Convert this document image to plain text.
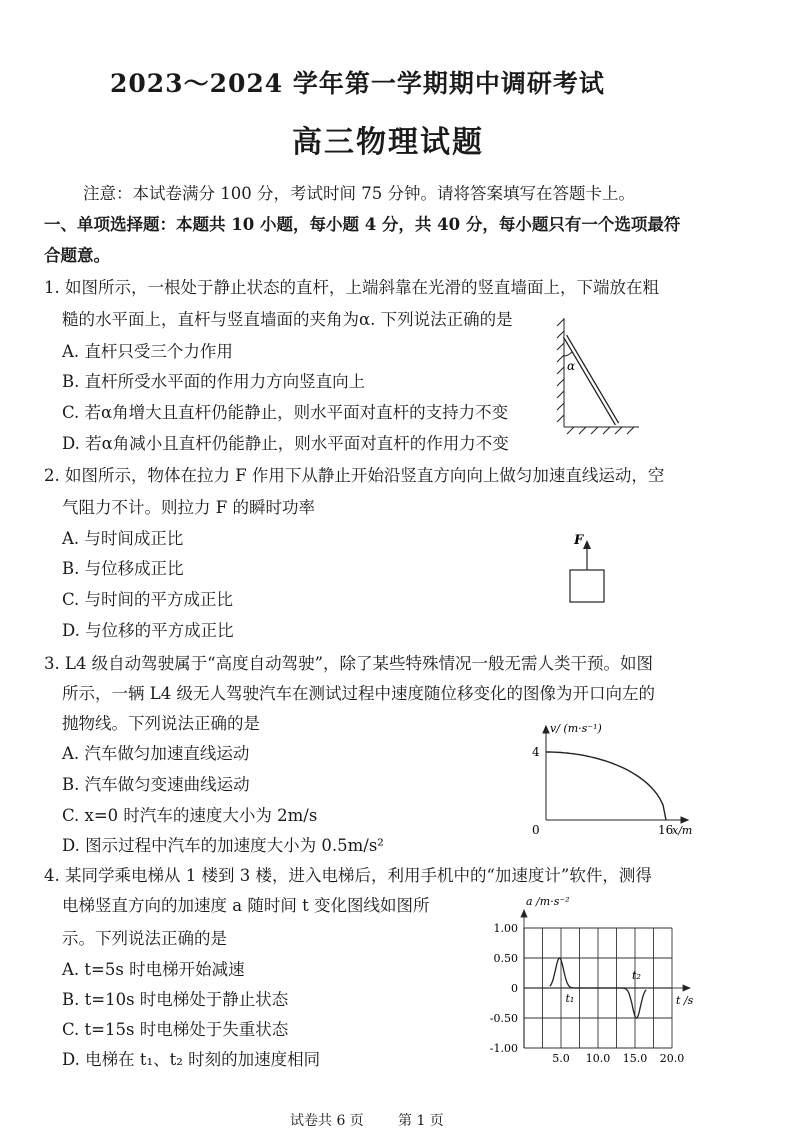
2023～2024 学年第一学期期中调研考试
高三物理试题
注意：本试卷满分 100 分，考试时间 75 分钟。请将答案填写在答题卡上。
一、单项选择题：本题共 10 小题，每小题 4 分，共 40 分，每小题只有一个选项最符
合题意。
1. 如图所示，一根处于静止状态的直杆，上端斜靠在光滑的竖直墙面上，下端放在粗
糙的水平面上，直杆与竖直墙面的夹角为α. 下列说法正确的是
A. 直杆只受三个力作用
B. 直杆所受水平面的作用力方向竖直向上
C. 若α角增大且直杆仍能静止，则水平面对直杆的支持力不变
D. 若α角减小且直杆仍能静止，则水平面对直杆的作用力不变
α
2. 如图所示，物体在拉力 F 作用下从静止开始沿竖直方向向上做匀加速直线运动，空
气阻力不计。则拉力 F 的瞬时功率
A. 与时间成正比
B. 与位移成正比
C. 与时间的平方成正比
D. 与位移的平方成正比
F
3. L4 级自动驾驶属于“高度自动驾驶”，除了某些特殊情况一般无需人类干预。如图
所示，一辆 L4 级无人驾驶汽车在测试过程中速度随位移变化的图像为开口向左的
抛物线。下列说法正确的是
A. 汽车做匀加速直线运动
B. 汽车做匀变速曲线运动
C. x=0 时汽车的速度大小为 2m/s
D. 图示过程中汽车的加速度大小为 0.5m/s²
v/ (m·s⁻¹)
x/m
4
16
0
4. 某同学乘电梯从 1 楼到 3 楼，进入电梯后，利用手机中的“加速度计”软件，测得
电梯竖直方向的加速度 a 随时间 t 变化图线如图所
示。下列说法正确的是
A. t=5s 时电梯开始减速
B. t=10s 时电梯处于静止状态
C. t=15s 时电梯处于失重状态
D. 电梯在 t₁、t₂ 时刻的加速度相同
1.00
0.50
0
-0.50
-1.00
5.0 10.0 15.0 20.0
a /m·s⁻²
t /s
t₁
t₂
试卷共 6 页 第 1 页
